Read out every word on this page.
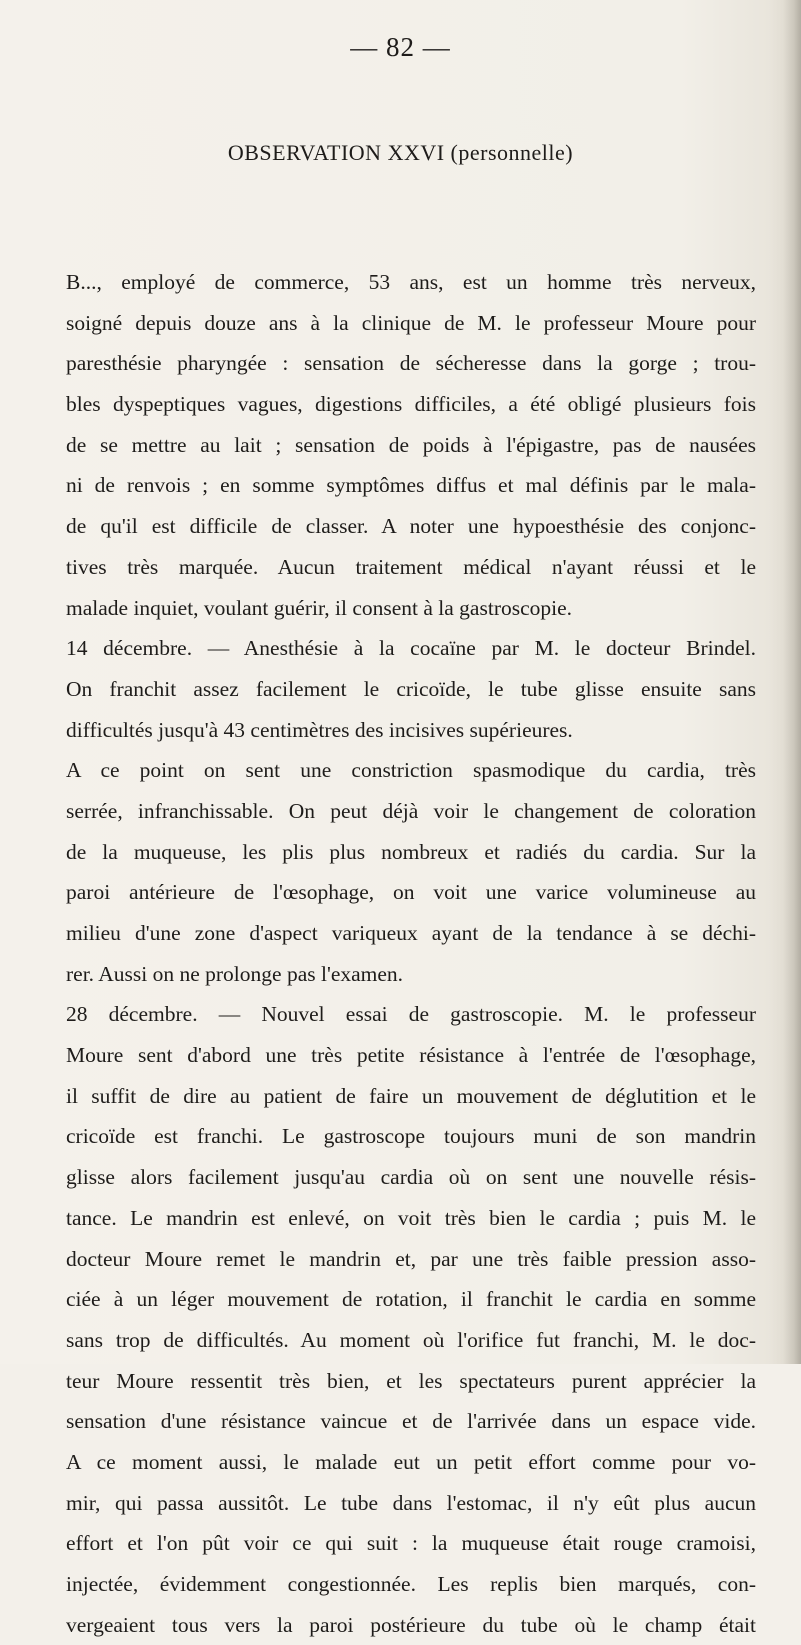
— 82 —

OBSERVATION XXVI (personnelle)
B..., employé de commerce, 53 ans, est un homme très nerveux,
soigné depuis douze ans à la clinique de M. le professeur Moure pour
paresthésie pharyngée : sensation de sécheresse dans la gorge ; trou-
bles dyspeptiques vagues, digestions difficiles, a été obligé plusieurs fois
de se mettre au lait ; sensation de poids à l'épigastre, pas de nausées
ni de renvois ; en somme symptômes diffus et mal définis par le mala-
de qu'il est difficile de classer. A noter une hypoesthésie des conjonc-
tives très marquée. Aucun traitement médical n'ayant réussi et le
malade inquiet, voulant guérir, il consent à la gastroscopie.
14 décembre. — Anesthésie à la cocaïne par M. le docteur Brindel.
On franchit assez facilement le cricoïde, le tube glisse ensuite sans
difficultés jusqu'à 43 centimètres des incisives supérieures.
A ce point on sent une constriction spasmodique du cardia, très
serrée, infranchissable. On peut déjà voir le changement de coloration
de la muqueuse, les plis plus nombreux et radiés du cardia. Sur la
paroi antérieure de l'œsophage, on voit une varice volumineuse au
milieu d'une zone d'aspect variqueux ayant de la tendance à se déchi-
rer. Aussi on ne prolonge pas l'examen.
28 décembre. — Nouvel essai de gastroscopie. M. le professeur
Moure sent d'abord une très petite résistance à l'entrée de l'œsophage,
il suffit de dire au patient de faire un mouvement de déglutition et le
cricoïde est franchi. Le gastroscope toujours muni de son mandrin
glisse alors facilement jusqu'au cardia où on sent une nouvelle résis-
tance. Le mandrin est enlevé, on voit très bien le cardia ; puis M. le
docteur Moure remet le mandrin et, par une très faible pression asso-
ciée à un léger mouvement de rotation, il franchit le cardia en somme
sans trop de difficultés. Au moment où l'orifice fut franchi, M. le doc-
teur Moure ressentit très bien, et les spectateurs purent apprécier la
sensation d'une résistance vaincue et de l'arrivée dans un espace vide.
A ce moment aussi, le malade eut un petit effort comme pour vo-
mir, qui passa aussitôt. Le tube dans l'estomac, il n'y eût plus aucun
effort et l'on pût voir ce qui suit : la muqueuse était rouge cramoisi,
injectée, évidemment congestionnée. Les replis bien marqués, con-
vergeaient tous vers la paroi postérieure du tube où le champ était
